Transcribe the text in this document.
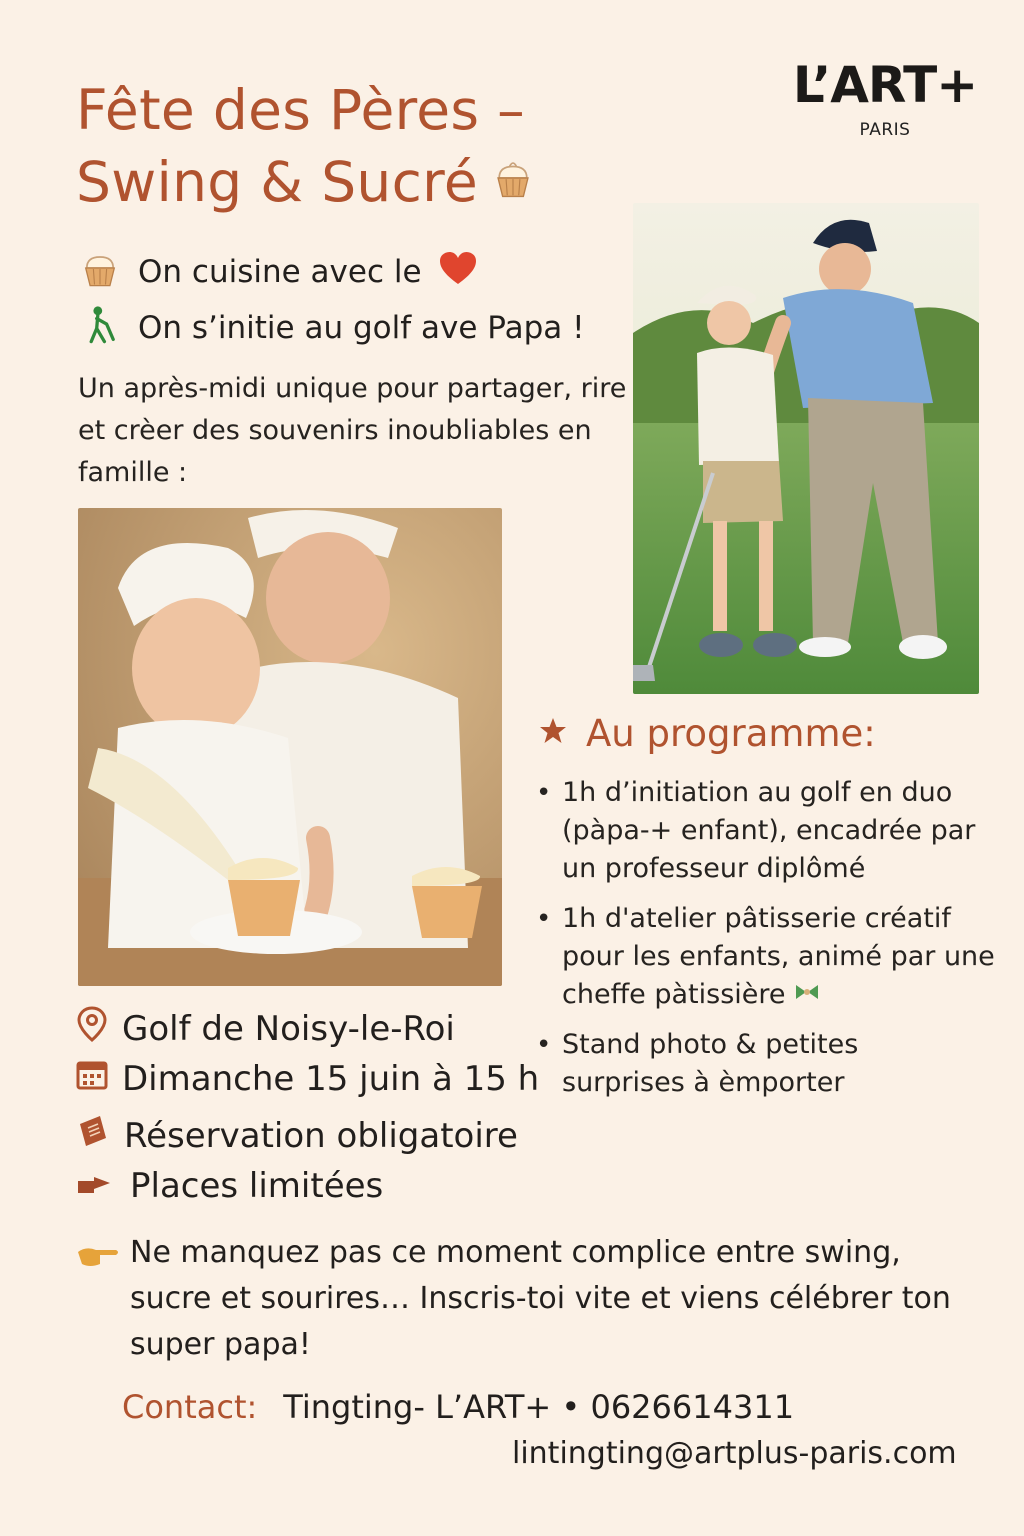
Fête des Pères –
Swing & Sucré
L’ART+
PARIS
On cuisine avec le
On s’initie au golf ave Papa !
Un après-midi unique pour partager, rire et crèer des souvenirs inoubliables en famille :
Au programme:
• 1h d’initiation au golf en duo
(pàpa-+ enfant), encadrée par un professeur diplômé
• 1h d'atelier pâtisserie créatif
pour les enfants, animé par une cheffe pàtissière
• Stand photo & petites
surprises à èmporter
Golf de Noisy-le-Roi
Dimanche 15 juin à 15 h
Réservation obligatoire
Places limitées
Ne manquez pas ce moment complice entre swing, sucre et sourires… Inscris-toi vite et viens célébrer ton super papa!
Contact: Tingting- L’ART+ • 0626614311
lintingting@artplus-paris.com
